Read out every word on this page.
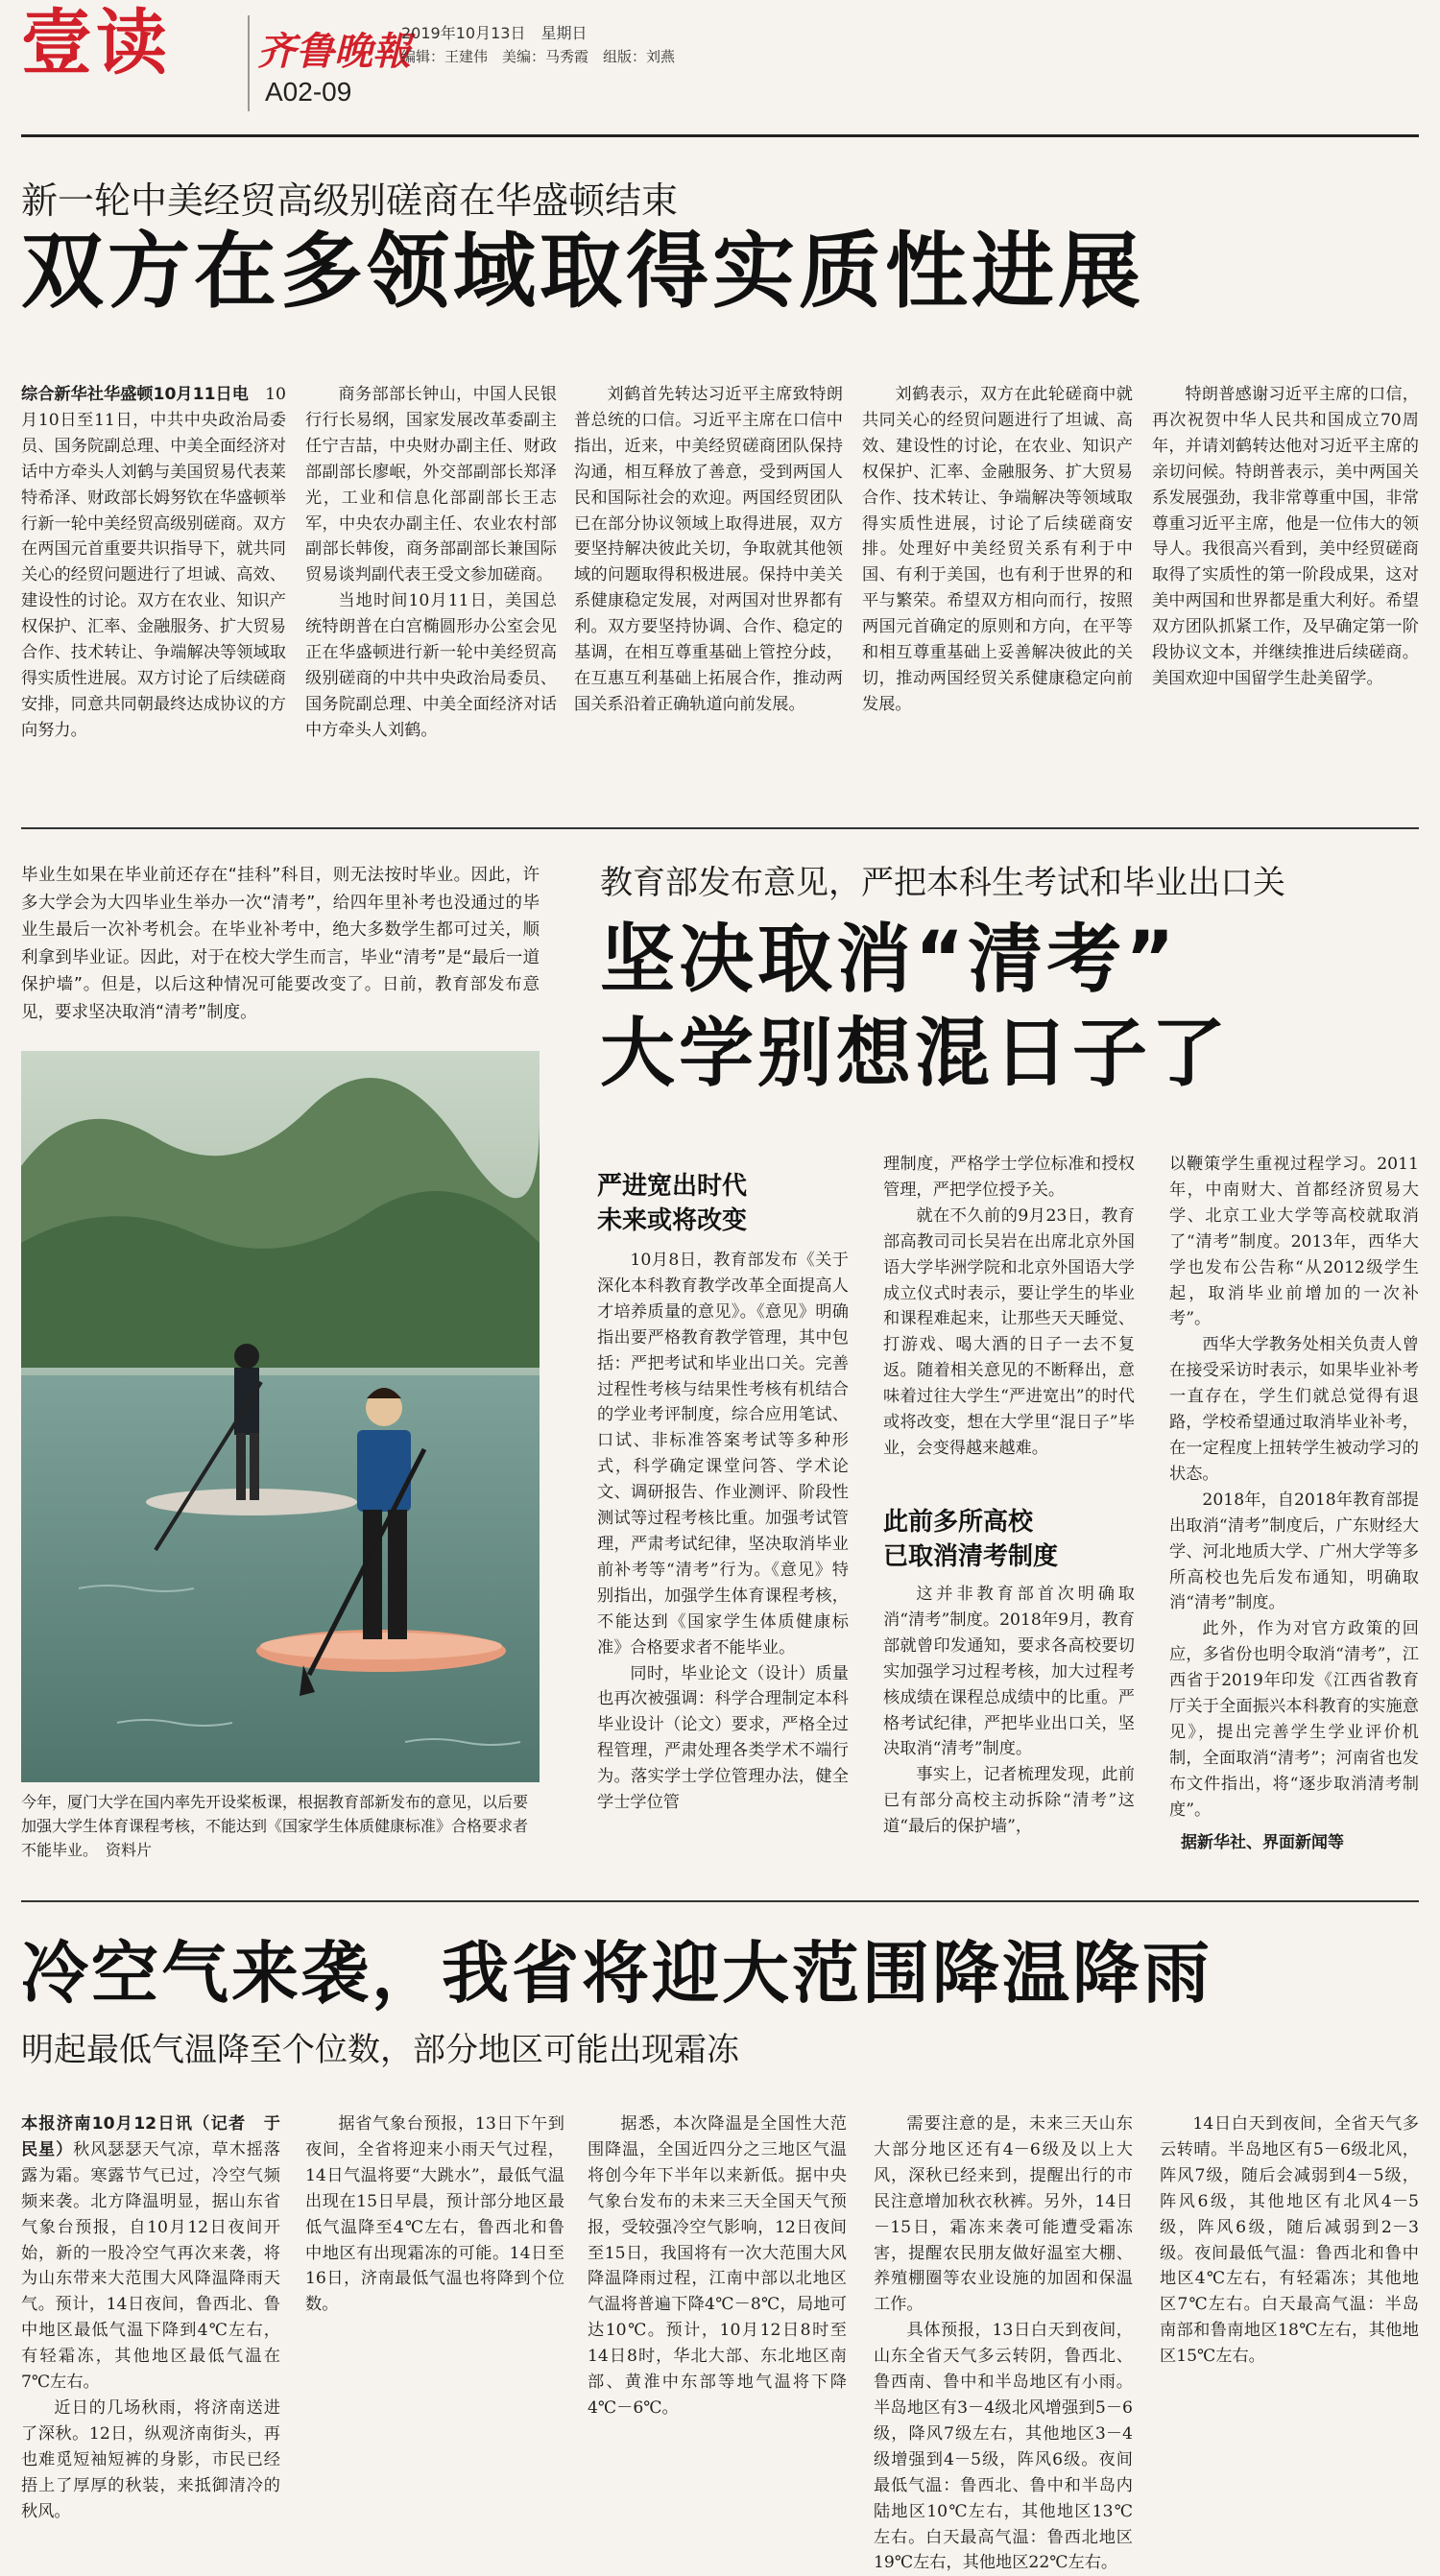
壹读 齐鲁晚報
2019年10月13日　星期日
编辑：王建伟　美编：马秀霞　组版：刘燕
A02-09
新一轮中美经贸高级别磋商在华盛顿结束
双方在多领域取得实质性进展

综合新华社华盛顿10月11日电　 10月10日至11日，中共中央政治局委员、国务院副总理、中美全面经济对话中方牵头人刘鹤与美国贸易代表莱特希泽、财政部长姆努钦在华盛顿举行新一轮中美经贸高级别磋商。双方在两国元首重要共识指导下，就共同关心的经贸问题进行了坦诚、高效、建设性的讨论。双方在农业、知识产权保护、汇率、金融服务、扩大贸易合作、技术转让、争端解决等领域取得实质性进展。双方讨论了后续磋商安排，同意共同朝最终达成协议的方向努力。

商务部部长钟山，中国人民银行行长易纲，国家发展改革委副主任宁吉喆，中央财办副主任、财政部副部长廖岷，外交部副部长郑泽光，工业和信息化部副部长王志军，中央农办副主任、农业农村部副部长韩俊，商务部副部长兼国际贸易谈判副代表王受文参加磋商。

当地时间10月11日，美国总统特朗普在白宫椭圆形办公室会见正在华盛顿进行新一轮中美经贸高级别磋商的中共中央政治局委员、国务院副总理、中美全面经济对话中方牵头人刘鹤。

刘鹤首先转达习近平主席致特朗普总统的口信。习近平主席在口信中指出，近来，中美经贸磋商团队保持沟通，相互释放了善意，受到两国人民和国际社会的欢迎。两国经贸团队已在部分协议领域上取得进展，双方要坚持解决彼此关切，争取就其他领域的问题取得积极进展。保持中美关系健康稳定发展，对两国对世界都有利。双方要坚持协调、合作、稳定的基调，在相互尊重基础上管控分歧，在互惠互利基础上拓展合作，推动两国关系沿着正确轨道向前发展。

刘鹤表示，双方在此轮磋商中就共同关心的经贸问题进行了坦诚、高效、建设性的讨论，在农业、知识产权保护、汇率、金融服务、扩大贸易合作、技术转让、争端解决等领域取得实质性进展，讨论了后续磋商安排。处理好中美经贸关系有利于中国、有利于美国，也有利于世界的和平与繁荣。希望双方相向而行，按照两国元首确定的原则和方向，在平等和相互尊重基础上妥善解决彼此的关切，推动两国经贸关系健康稳定向前发展。

特朗普感谢习近平主席的口信，再次祝贺中华人民共和国成立70周年，并请刘鹤转达他对习近平主席的亲切问候。特朗普表示，美中两国关系发展强劲，我非常尊重中国，非常尊重习近平主席，他是一位伟大的领导人。我很高兴看到，美中经贸磋商取得了实质性的第一阶段成果，这对美中两国和世界都是重大利好。希望双方团队抓紧工作，及早确定第一阶段协议文本，并继续推进后续磋商。美国欢迎中国留学生赴美留学。

毕业生如果在毕业前还存在“挂科”科目，则无法按时毕业。因此，许多大学会为大四毕业生举办一次“清考”，给四年里补考也没通过的毕业生最后一次补考机会。在毕业补考中，绝大多数学生都可过关，顺利拿到毕业证。因此，对于在校大学生而言，毕业“清考”是“最后一道保护墙”。但是，以后这种情况可能要改变了。日前，教育部发布意见，要求坚决取消“清考”制度。
今年，厦门大学在国内率先开设桨板课，根据教育部新发布的意见，以后要加强大学生体育课程考核，不能达到《国家学生体质健康标准》合格要求者不能毕业。　资料片
教育部发布意见，严把本科生考试和毕业出口关
坚决取消“清考”
大学别想混日子了
严进宽出时代
未来或将改变

10月8日，教育部发布《关于深化本科教育教学改革全面提高人才培养质量的意见》。《意见》明确指出要严格教育教学管理，其中包括：严把考试和毕业出口关。完善过程性考核与结果性考核有机结合的学业考评制度，综合应用笔试、口试、非标准答案考试等多种形式，科学确定课堂问答、学术论文、调研报告、作业测评、阶段性测试等过程考核比重。加强考试管理，严肃考试纪律，坚决取消毕业前补考等“清考”行为。《意见》特别指出，加强学生体育课程考核，不能达到《国家学生体质健康标准》合格要求者不能毕业。

同时，毕业论文（设计）质量也再次被强调：科学合理制定本科毕业设计（论文）要求，严格全过程管理，严肃处理各类学术不端行为。落实学士学位管理办法，健全学士学位管

理制度，严格学士学位标准和授权管理，严把学位授予关。

就在不久前的9月23日，教育部高教司司长吴岩在出席北京外国语大学毕洲学院和北京外国语大学成立仪式时表示，要让学生的毕业和课程难起来，让那些天天睡觉、打游戏、喝大酒的日子一去不复返。随着相关意见的不断释出，意味着过往大学生“严进宽出”的时代或将改变，想在大学里“混日子”毕业，会变得越来越难。

此前多所高校
已取消清考制度

这并非教育部首次明确取消“清考”制度。2018年9月，教育部就曾印发通知，要求各高校要切实加强学习过程考核，加大过程考核成绩在课程总成绩中的比重。严格考试纪律，严把毕业出口关，坚决取消“清考”制度。

事实上，记者梳理发现，此前已有部分高校主动拆除“清考”这道“最后的保护墙”，

以鞭策学生重视过程学习。2011年，中南财大、首都经济贸易大学、北京工业大学等高校就取消了“清考”制度。2013年，西华大学也发布公告称“从2012级学生起，取消毕业前增加的一次补考”。

西华大学教务处相关负责人曾在接受采访时表示，如果毕业补考一直存在，学生们就总觉得有退路，学校希望通过取消毕业补考，在一定程度上扭转学生被动学习的状态。

2018年，自2018年教育部提出取消“清考”制度后，广东财经大学、河北地质大学、广州大学等多所高校也先后发布通知，明确取消“清考”制度。

此外，作为对官方政策的回应，多省份也明令取消“清考”，江西省于2019年印发《江西省教育厅关于全面振兴本科教育的实施意见》，提出完善学生学业评价机制，全面取消“清考”；河南省也发布文件指出，将“逐步取消清考制度”。

据新华社、界面新闻等
冷空气来袭，我省将迎大范围降温降雨
明起最低气温降至个位数，部分地区可能出现霜冻

本报济南10月12日讯（记者　于民星）秋风瑟瑟天气凉，草木摇落露为霜。寒露节气已过，冷空气频频来袭。北方降温明显，据山东省气象台预报，自10月12日夜间开始，新的一股冷空气再次来袭，将为山东带来大范围大风降温降雨天气。预计，14日夜间，鲁西北、鲁中地区最低气温下降到4℃左右，有轻霜冻，其他地区最低气温在7℃左右。

近日的几场秋雨，将济南送进了深秋。12日，纵观济南街头，再也难觅短袖短裤的身影，市民已经捂上了厚厚的秋装，来抵御清冷的秋风。

据省气象台预报，13日下午到夜间，全省将迎来小雨天气过程，14日气温将要“大跳水”，最低气温出现在15日早晨，预计部分地区最低气温降至4℃左右，鲁西北和鲁中地区有出现霜冻的可能。14日至16日，济南最低气温也将降到个位数。

据悉，本次降温是全国性大范围降温，全国近四分之三地区气温将创今年下半年以来新低。据中央气象台发布的未来三天全国天气预报，受较强冷空气影响，12日夜间至15日，我国将有一次大范围大风降温降雨过程，江南中部以北地区气温将普遍下降4℃－8℃，局地可达10℃。预计，10月12日8时至14日8时，华北大部、东北地区南部、黄淮中东部等地气温将下降4℃－6℃。

需要注意的是，未来三天山东大部分地区还有4－6级及以上大风，深秋已经来到，提醒出行的市民注意增加秋衣秋裤。另外，14日－15日，霜冻来袭可能遭受霜冻害，提醒农民朋友做好温室大棚、养殖棚圈等农业设施的加固和保温工作。

具体预报，13日白天到夜间，山东全省天气多云转阴，鲁西北、鲁西南、鲁中和半岛地区有小雨。半岛地区有3－4级北风增强到5－6级，降风7级左右，其他地区3－4级增强到4－5级，阵风6级。夜间最低气温：鲁西北、鲁中和半岛内陆地区10℃左右，其他地区13℃左右。白天最高气温：鲁西北地区19℃左右，其他地区22℃左右。

14日白天到夜间，全省天气多云转晴。半岛地区有5－6级北风，阵风7级，随后会减弱到4－5级，阵风6级，其他地区有北风4－5级，阵风6级，随后减弱到2－3级。夜间最低气温：鲁西北和鲁中地区4℃左右，有轻霜冻；其他地区7℃左右。白天最高气温：半岛南部和鲁南地区18℃左右，其他地区15℃左右。
